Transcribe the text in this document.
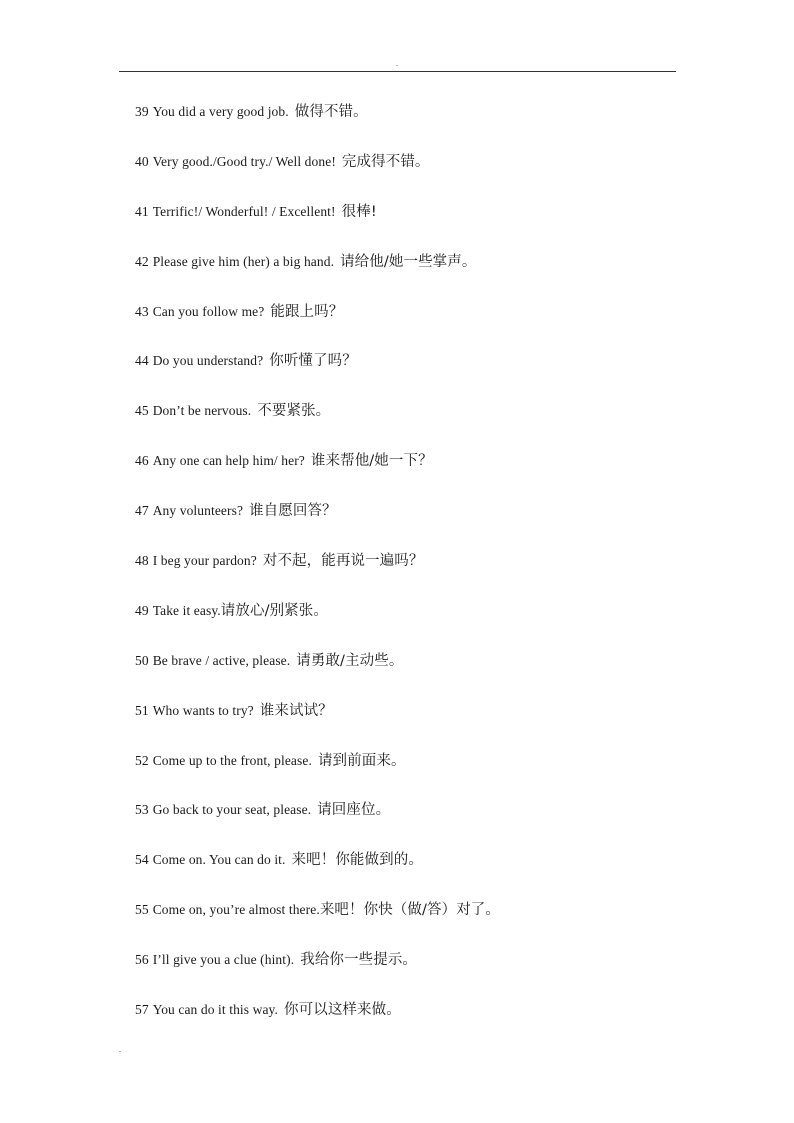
.
39 You did a very good job. 做得不错。
40 Very good./Good try./ Well done! 完成得不错。
41 Terrific!/ Wonderful! / Excellent! 很棒!
42 Please give him (her) a big hand. 请给他/她一些掌声。
43 Can you follow me? 能跟上吗？
44 Do you understand? 你听懂了吗？
45 Don’t be nervous. 不要紧张。
46 Any one can help him/ her? 谁来帮他/她一下？
47 Any volunteers? 谁自愿回答？
48 I beg your pardon? 对不起，能再说一遍吗？
49 Take it easy.请放心/别紧张。
50 Be brave / active, please. 请勇敢/主动些。
51 Who wants to try? 谁来试试？
52 Come up to the front, please. 请到前面来。
53 Go back to your seat, please. 请回座位。
54 Come on. You can do it. 来吧！你能做到的。
55 Come on, you’re almost there.来吧！你快（做/答）对了。
56 I’ll give you a clue (hint). 我给你一些提示。
57 You can do it this way. 你可以这样来做。
.
